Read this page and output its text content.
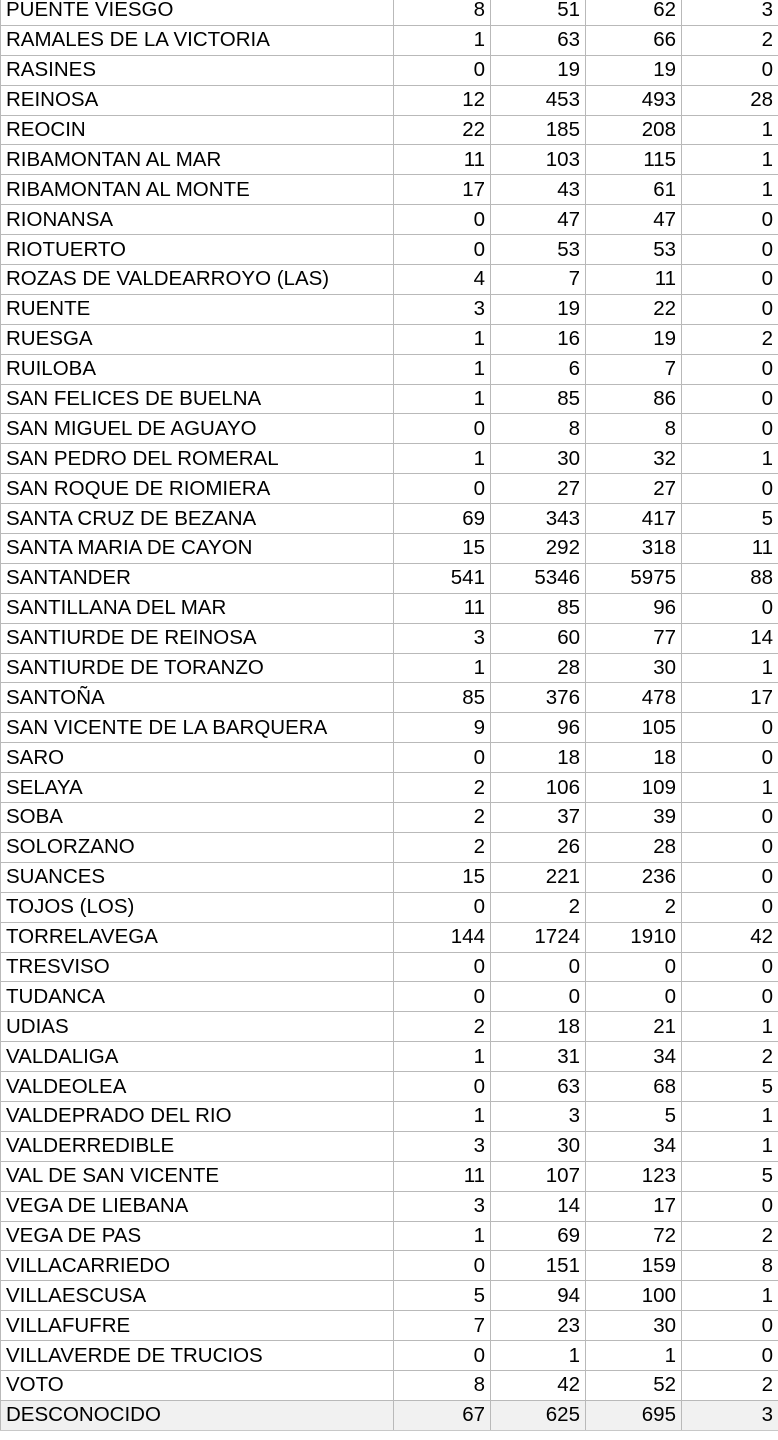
PUENTE VIESGO	8	51	62	3
RAMALES DE LA VICTORIA	1	63	66	2
RASINES	0	19	19	0
REINOSA	12	453	493	28
REOCIN	22	185	208	1
RIBAMONTAN AL MAR	11	103	115	1
RIBAMONTAN AL MONTE	17	43	61	1
RIONANSA	0	47	47	0
RIOTUERTO	0	53	53	0
ROZAS DE VALDEARROYO (LAS)	4	7	11	0
RUENTE	3	19	22	0
RUESGA	1	16	19	2
RUILOBA	1	6	7	0
SAN FELICES DE BUELNA	1	85	86	0
SAN MIGUEL DE AGUAYO	0	8	8	0
SAN PEDRO DEL ROMERAL	1	30	32	1
SAN ROQUE DE RIOMIERA	0	27	27	0
SANTA CRUZ DE BEZANA	69	343	417	5
SANTA MARIA DE CAYON	15	292	318	11
SANTANDER	541	5346	5975	88
SANTILLANA DEL MAR	11	85	96	0
SANTIURDE DE REINOSA	3	60	77	14
SANTIURDE DE TORANZO	1	28	30	1
SANTOÑA	85	376	478	17
SAN VICENTE DE LA BARQUERA	9	96	105	0
SARO	0	18	18	0
SELAYA	2	106	109	1
SOBA	2	37	39	0
SOLORZANO	2	26	28	0
SUANCES	15	221	236	0
TOJOS (LOS)	0	2	2	0
TORRELAVEGA	144	1724	1910	42
TRESVISO	0	0	0	0
TUDANCA	0	0	0	0
UDIAS	2	18	21	1
VALDALIGA	1	31	34	2
VALDEOLEA	0	63	68	5
VALDEPRADO DEL RIO	1	3	5	1
VALDERREDIBLE	3	30	34	1
VAL DE SAN VICENTE	11	107	123	5
VEGA DE LIEBANA	3	14	17	0
VEGA DE PAS	1	69	72	2
VILLACARRIEDO	0	151	159	8
VILLAESCUSA	5	94	100	1
VILLAFUFRE	7	23	30	0
VILLAVERDE DE TRUCIOS	0	1	1	0
VOTO	8	42	52	2
DESCONOCIDO	67	625	695	3
